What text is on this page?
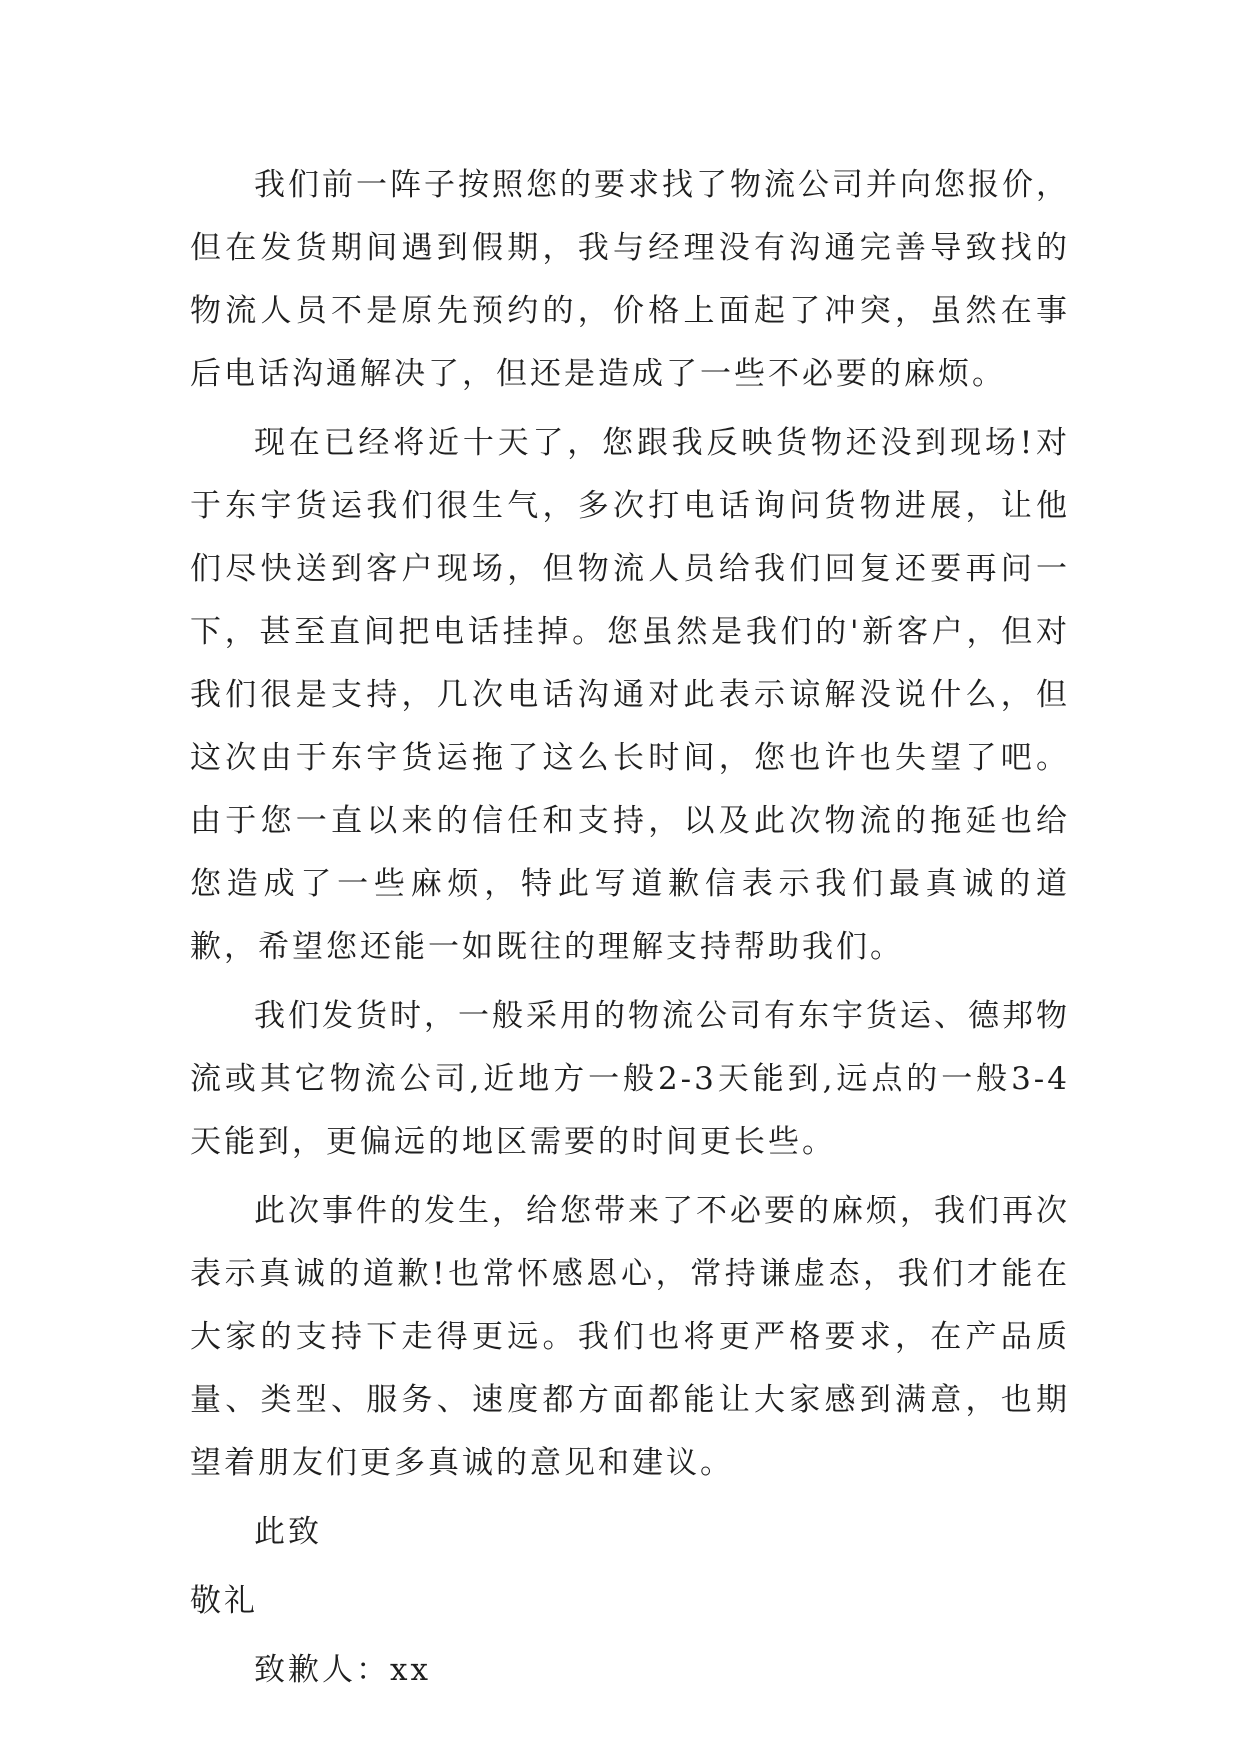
我们前一阵子按照您的要求找了物流公司并向您报价，但在发货期间遇到假期，我与经理没有沟通完善导致找的物流人员不是原先预约的，价格上面起了冲突，虽然在事后电话沟通解决了，但还是造成了一些不必要的麻烦。

现在已经将近十天了，您跟我反映货物还没到现场!对于东宇货运我们很生气，多次打电话询问货物进展，让他们尽快送到客户现场，但物流人员给我们回复还要再问一下，甚至直间把电话挂掉。您虽然是我们的'新客户，但对我们很是支持，几次电话沟通对此表示谅解没说什么，但这次由于东宇货运拖了这么长时间，您也许也失望了吧。由于您一直以来的信任和支持，以及此次物流的拖延也给您造成了一些麻烦，特此写道歉信表示我们最真诚的道歉，希望您还能一如既往的理解支持帮助我们。

我们发货时，一般采用的物流公司有东宇货运、德邦物流或其它物流公司,近地方一般2-3天能到,远点的一般3-4天能到，更偏远的地区需要的时间更长些。

此次事件的发生，给您带来了不必要的麻烦，我们再次表示真诚的道歉!也常怀感恩心，常持谦虚态，我们才能在大家的支持下走得更远。我们也将更严格要求，在产品质量、类型、服务、速度都方面都能让大家感到满意，也期望着朋友们更多真诚的意见和建议。

此致

敬礼

致歉人：xx
